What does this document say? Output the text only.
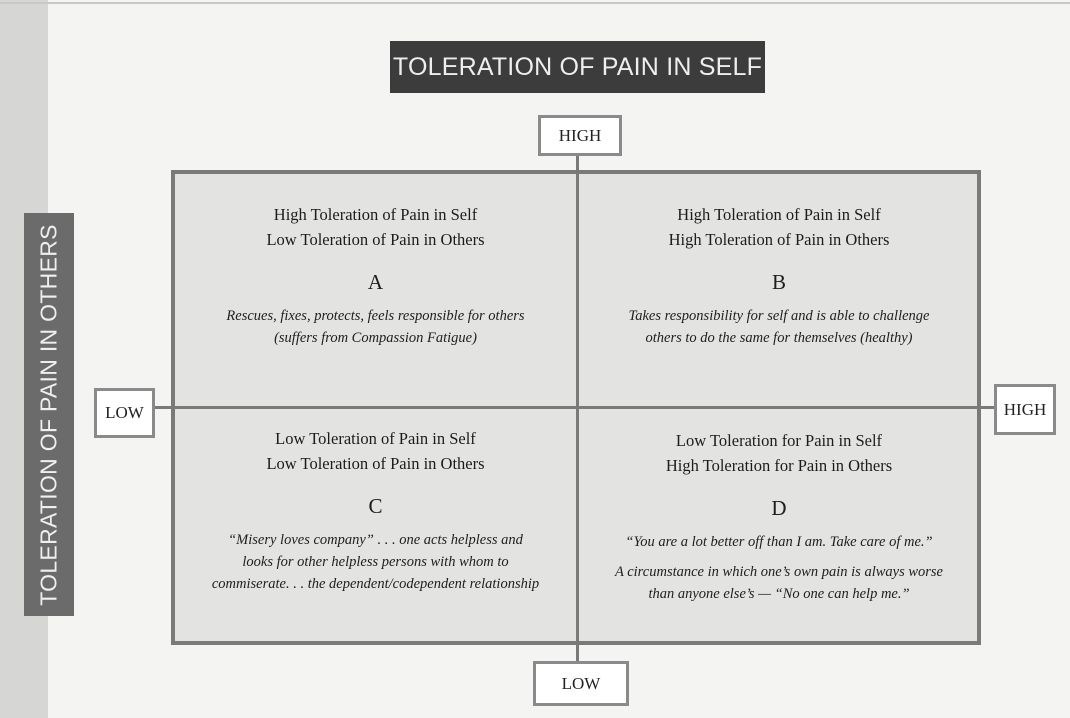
TOLERATION OF PAIN IN SELF
TOLERATION OF PAIN IN OTHERS
HIGH
LOW
LOW	HIGH
High Toleration of Pain in Self
Low Toleration of Pain in Others
A
Rescues, fixes, protects, feels responsible for others
(suffers from Compassion Fatigue)
High Toleration of Pain in Self
High Toleration of Pain in Others
B
Takes responsibility for self and is able to challenge
others to do the same for themselves (healthy)
Low Toleration of Pain in Self
Low Toleration of Pain in Others
C
“Misery loves company” . . . one acts helpless and
looks for other helpless persons with whom to
commiserate. . . the dependent/codependent relationship
Low Toleration for Pain in Self
High Toleration for Pain in Others
D
“You are a lot better off than I am. Take care of me.”
A circumstance in which one’s own pain is always worse
than anyone else’s — “No one can help me.”
